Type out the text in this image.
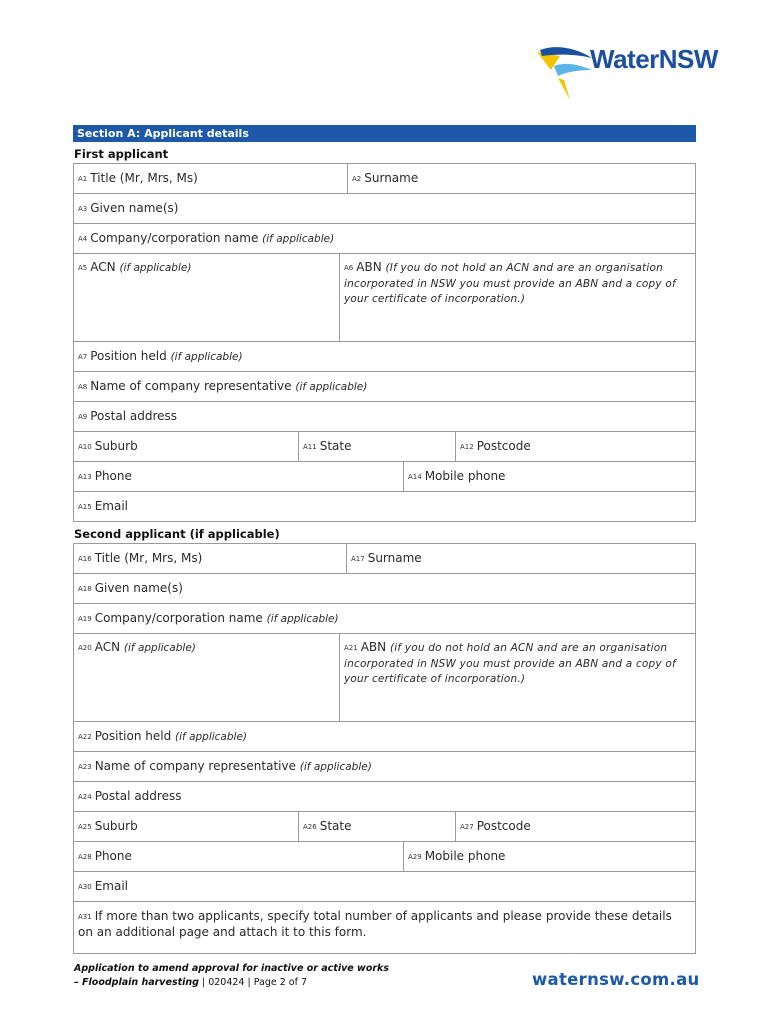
WaterNSW
Section A: Applicant details
First applicant
A1 Title (Mr, Mrs, Ms)	A2 Surname
A3 Given name(s)
A4 Company/corporation name (if applicable)
A5 ACN (if applicable)	A6 ABN (If you do not hold an ACN and are an organisation incorporated in NSW you must provide an ABN and a copy of your certificate of incorporation.)
A7 Position held (if applicable)
A8 Name of company representative (if applicable)
A9 Postal address
A10 Suburb	A11 State	A12 Postcode
A13 Phone	A14 Mobile phone
A15 Email
Second applicant (if applicable)
A16 Title (Mr, Mrs, Ms)	A17 Surname
A18 Given name(s)
A19 Company/corporation name (if applicable)
A20 ACN (if applicable)	A21 ABN (if you do not hold an ACN and are an organisation incorporated in NSW you must provide an ABN and a copy of your certificate of incorporation.)
A22 Position held (if applicable)
A23 Name of company representative (if applicable)
A24 Postal address
A25 Suburb	A26 State	A27 Postcode
A28 Phone	A29 Mobile phone
A30 Email
A31 If more than two applicants, specify total number of applicants and please provide these details on an additional page and attach it to this form.
Application to amend approval for inactive or active works
– Floodplain harvesting | 020424 | Page 2 of 7	waternsw.com.au
